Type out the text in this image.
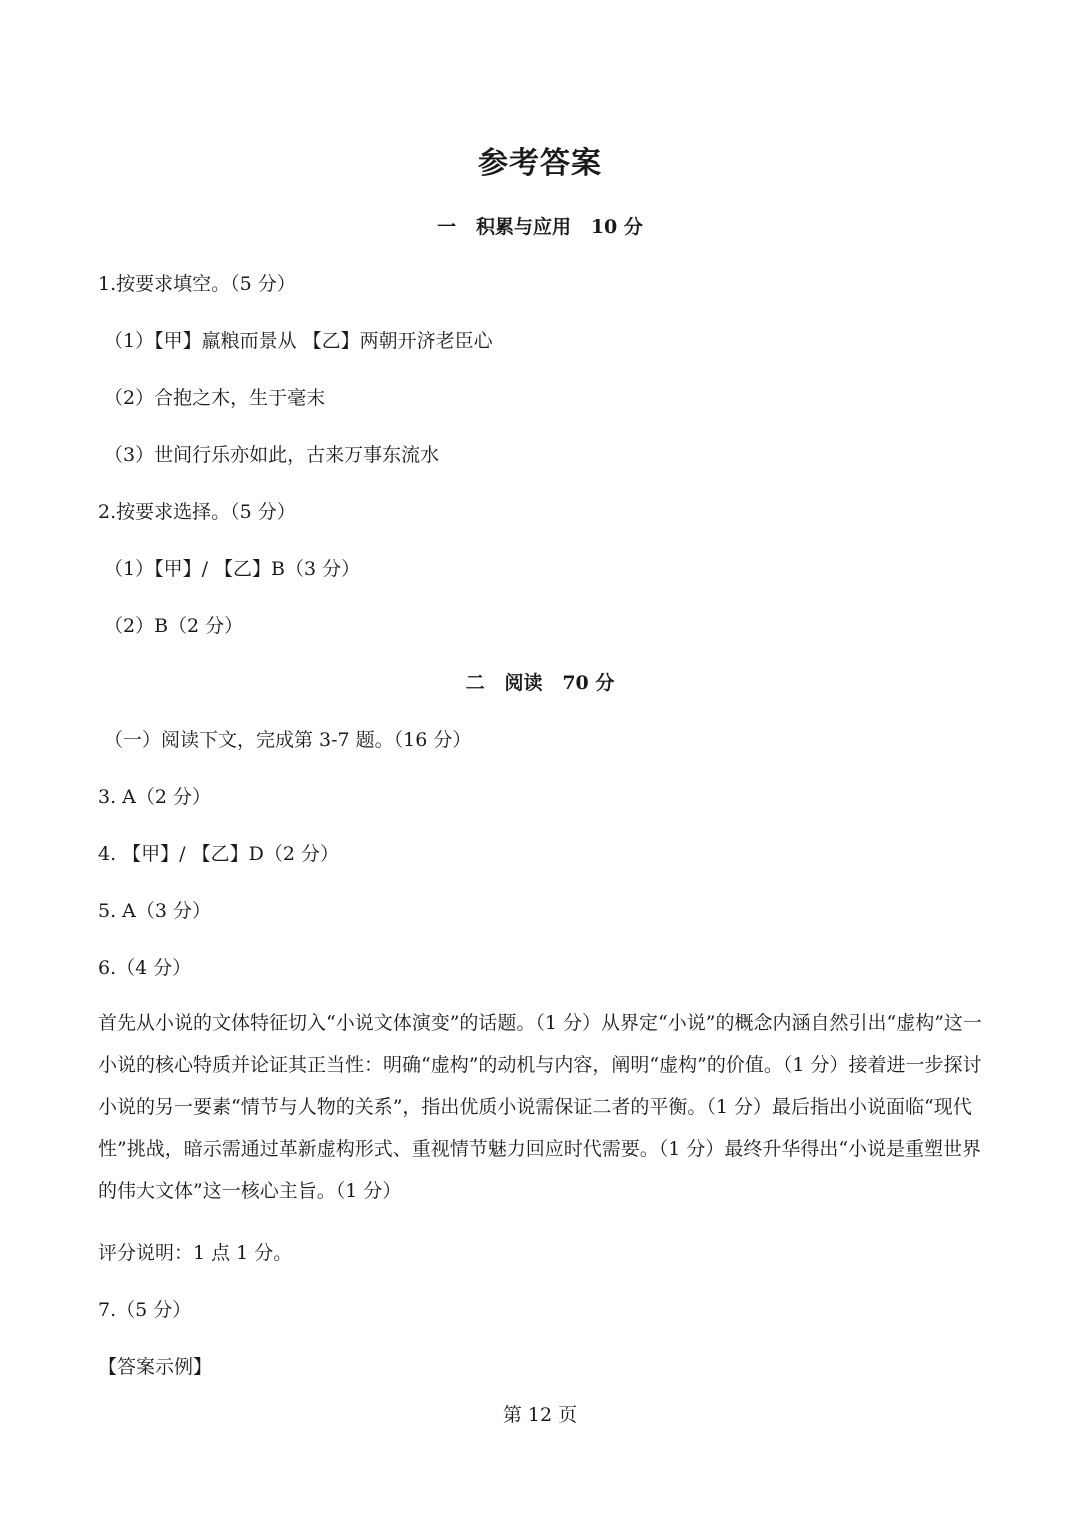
参考答案
一   积累与应用   10 分
1.按要求填空。（5 分）
（1）【甲】羸粮而景从 【乙】两朝开济老臣心
（2）合抱之木，生于毫末
（3）世间行乐亦如此，古来万事东流水
2.按要求选择。（5 分）
（1）【甲】/ 【乙】B（3 分）
（2）B（2 分）
二   阅读   70 分
（一）阅读下文，完成第 3-7 题。（16 分）
3. A（2 分）
4. 【甲】/ 【乙】D（2 分）
5. A（3 分）
6.（4 分）
首先从小说的文体特征切入“小说文体演变”的话题。（1 分）从界定“小说”的概念内涵自然引出“虚构”这一
小说的核心特质并论证其正当性：明确“虚构”的动机与内容，阐明“虚构”的价值。（1 分）接着进一步探讨
小说的另一要素“情节与人物的关系”，指出优质小说需保证二者的平衡。（1 分）最后指出小说面临“现代
性”挑战，暗示需通过革新虚构形式、重视情节魅力回应时代需要。（1 分）最终升华得出“小说是重塑世界
的伟大文体”这一核心主旨。（1 分）
评分说明：1 点 1 分。
7.（5 分）
【答案示例】
第 12 页
